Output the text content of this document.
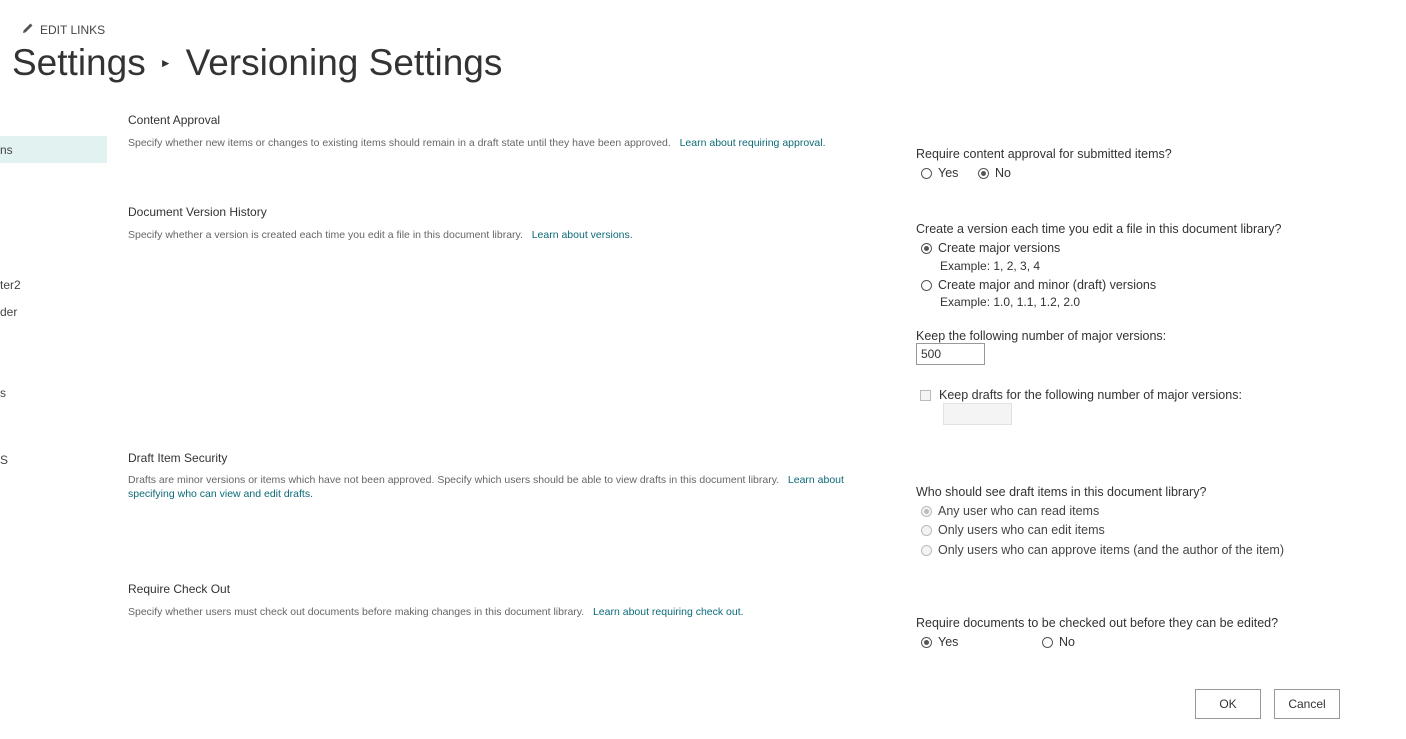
EDIT LINKS
Settings ► Versioning Settings
ns
ter2
der
s
S
Content Approval
Specify whether new items or changes to existing items should remain in a draft state until they have been approved. Learn about requiring approval.
Require content approval for submitted items?
Yes	No
Document Version History
Specify whether a version is created each time you edit a file in this document library. Learn about versions.	Create a version each time you edit a file in this document library?
Create major versions
Example: 1, 2, 3, 4
Create major and minor (draft) versions
Example: 1.0, 1.1, 1.2, 2.0
Keep the following number of major versions:
500
Keep drafts for the following number of major versions:
Draft Item Security
Drafts are minor versions or items which have not been approved. Specify which users should be able to view drafts in this document library. Learn about
specifying who can view and edit drafts.	Who should see draft items in this document library?
Any user who can read items
Only users who can edit items
Only users who can approve items (and the author of the item)
Require Check Out
Specify whether users must check out documents before making changes in this document library. Learn about requiring check out.
Require documents to be checked out before they can be edited?
Yes	No
OK	Cancel
